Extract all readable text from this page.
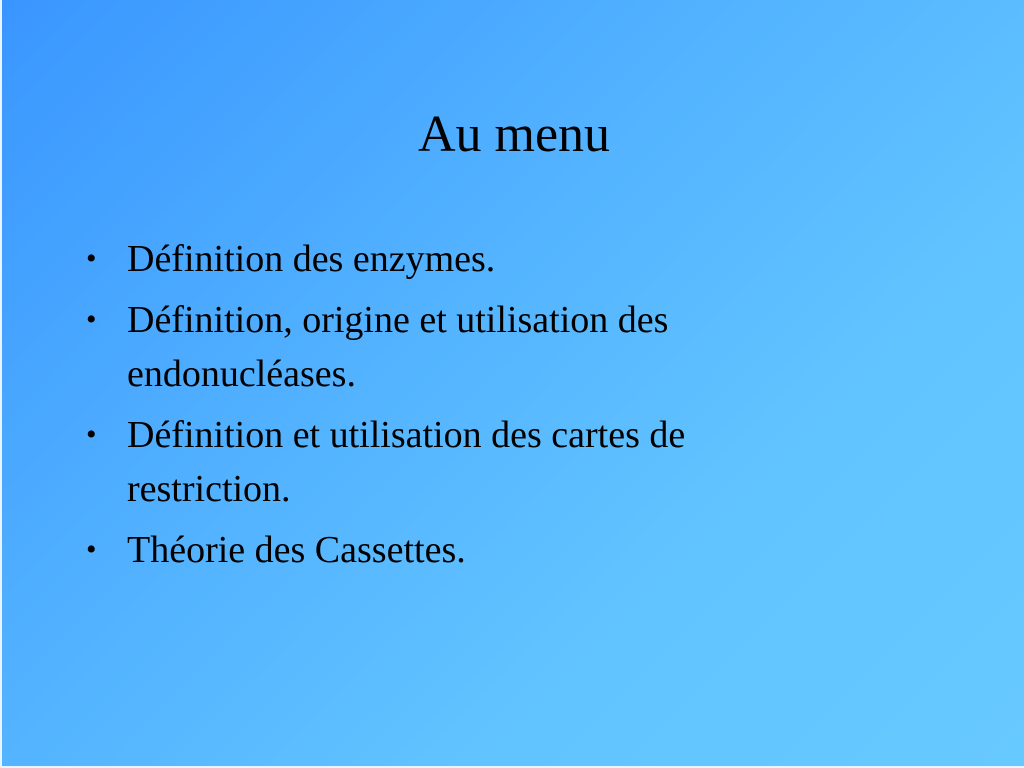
Au menu
• Définition des enzymes.
• Définition, origine et utilisation des endonucléases.
• Définition et utilisation des cartes de restriction.
• Théorie des Cassettes.
